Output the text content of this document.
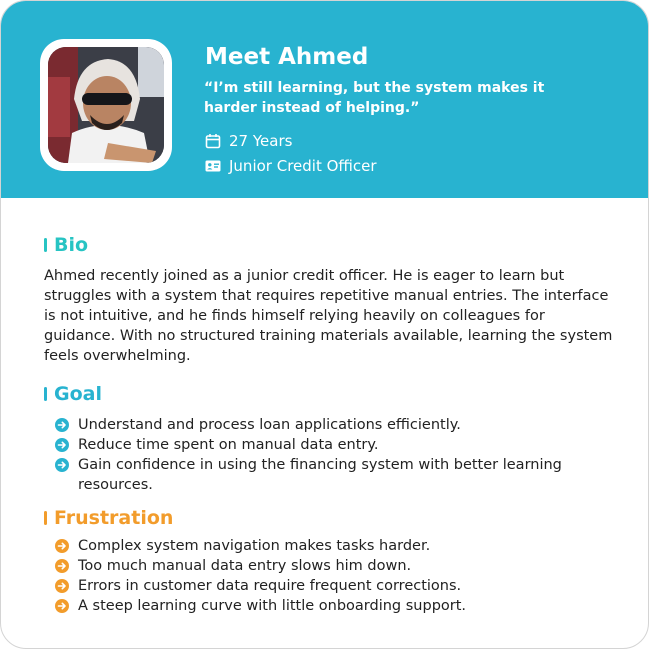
Meet Ahmed
“I’m still learning, but the system makes it harder instead of helping.”
27 Years
Junior Credit Officer
Bio

Ahmed recently joined as a junior credit officer. He is eager to learn but struggles with a system that requires repetitive manual entries. The interface is not intuitive, and he finds himself relying heavily on colleagues for guidance. With no structured training materials available, learning the system feels overwhelming.

Goal
Understand and process loan applications efficiently.
Reduce time spent on manual data entry.
Gain confidence in using the financing system with better learning resources.
Frustration
Complex system navigation makes tasks harder.
Too much manual data entry slows him down.
Errors in customer data require frequent corrections.
A steep learning curve with little onboarding support.
